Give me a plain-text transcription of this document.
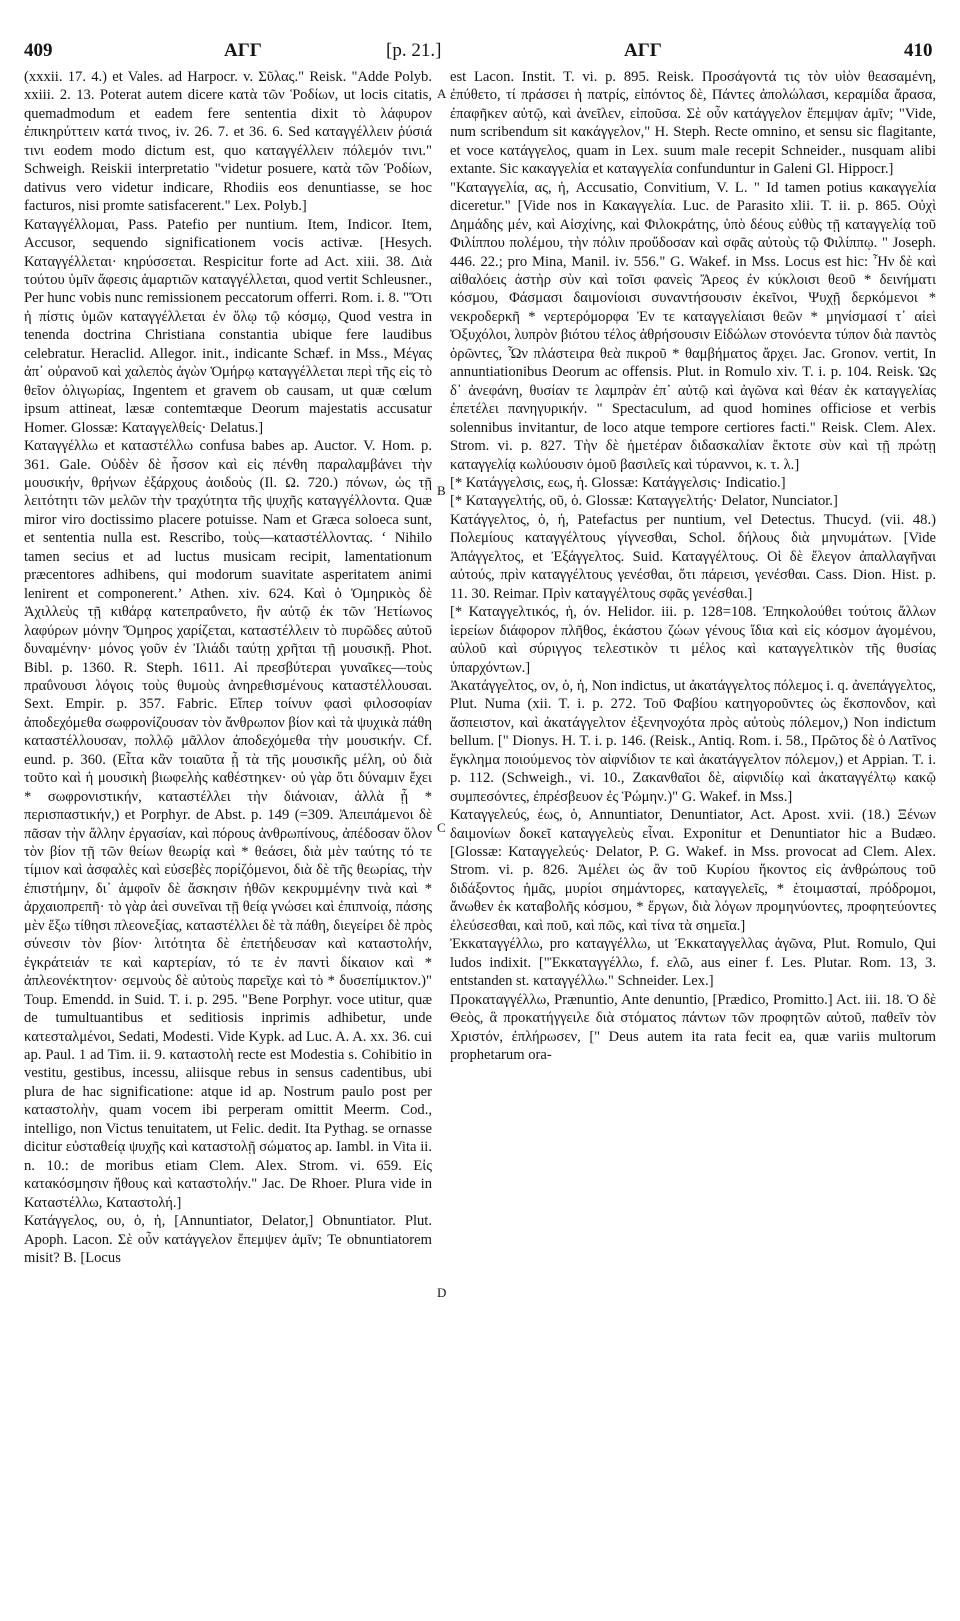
409	ΑΓΓ	[p. 21.]	ΑΓΓ	410
A
B
C
D

(xxxii. 17. 4.) et Vales. ad Harpocr. v. Σῦλας." Reisk. "Adde Polyb. xxiii. 2. 13. Poterat autem dicere κατὰ τῶν Ῥοδίων, ut locis citatis, quemadmodum et eadem fere sententia dixit τὸ λάφυρον ἐπικηρύττειν κατά τινος, iv. 26. 7. et 36. 6. Sed καταγγέλλειν ῥύσιά τινι eodem modo dictum est, quo καταγγέλλειν πόλεμόν τινι." Schweigh. Reiskii interpretatio "videtur posuere, κατὰ τῶν Ῥοδίων, dativus vero videtur indicare, Rhodiis eos denuntiasse, se hoc facturos, nisi promte satisfacerent." Lex. Polyb.]

Καταγγέλλομαι, Pass. Patefio per nuntium. Item, Indicor. Item, Accusor, sequendo significationem vocis activæ. [Hesych. Καταγγέλλεται· κηρύσσεται. Respicitur forte ad Act. xiii. 38. Διὰ τούτου ὑμῖν ἄφεσις ἁμαρτιῶν καταγγέλλεται, quod vertit Schleusner., Per hunc vobis nunc remissionem peccatorum offerri. Rom. i. 8. "Ὅτι ἡ πίστις ὑμῶν καταγγέλλεται ἐν ὅλῳ τῷ κόσμῳ, Quod vestra in tenenda doctrina Christiana constantia ubique fere laudibus celebratur. Heraclid. Allegor. init., indicante Schæf. in Mss., Μέγας ἀπ᾽ οὐρανοῦ καὶ χαλεπὸς ἀγὼν Ὁμήρῳ καταγγέλλεται περὶ τῆς εἰς τὸ θεῖον ὀλιγωρίας, Ingentem et gravem ob causam, ut quæ cœlum ipsum attineat, læsæ contemtæque Deorum majestatis accusatur Homer. Glossæ: Καταγγελθείς· Delatus.]

Καταγγέλλω et καταστέλλω confusa babes ap. Auctor. V. Hom. p. 361. Gale. Οὐδὲν δὲ ἧσσον καὶ εἰς πένθη παραλαμβάνει τὴν μουσικήν, θρήνων ἐξάρχους ἀοιδοὺς (Il. Ω. 720.) πόνων, ὡς τῇ λειτότητι τῶν μελῶν τὴν τραχύτητα τῆς ψυχῆς καταγγέλλοντα. Quæ miror viro doctissimo placere potuisse. Nam et Græca soloeca sunt, et sententia nulla est. Rescribo, τοὺς—καταστέλλοντας. ‘ Nihilo tamen secius et ad luctus musicam recipit, lamentationum præcentores adhibens, qui modorum suavitate asperitatem animi lenirent et componerent.’ Athen. xiv. 624. Καὶ ὁ Ὁμηρικὸς δὲ Ἀχιλλεὺς τῇ κιθάρᾳ κατεπραΰνετο, ἣν αὐτῷ ἐκ τῶν Ἠετίωνος λαφύρων μόνην Ὅμηρος χαρίζεται, καταστέλλειν τὸ πυρῶδες αὐτοῦ δυναμένην· μόνος γοῦν ἐν Ἰλιάδι ταύτῃ χρῆται τῇ μουσικῇ. Phot. Bibl. p. 1360. R. Steph. 1611. Αἱ πρεσβύτεραι γυναῖκες—τοὺς πραΰνουσι λόγοις τοὺς θυμοὺς ἀνηρεθισμένους καταστέλλουσαι. Sext. Empir. p. 357. Fabric. Εἴπερ τοίνυν φασὶ φιλοσοφίαν ἀποδεχόμεθα σωφρονίζουσαν τὸν ἄνθρωπον βίον καὶ τὰ ψυχικὰ πάθη καταστέλλουσαν, πολλῷ μᾶλλον ἀποδεχόμεθα τὴν μουσικήν. Cf. eund. p. 360. (Εἶτα κἂν τοιαῦτα ᾖ τὰ τῆς μουσικῆς μέλη, οὐ διὰ τοῦτο καὶ ἡ μουσικὴ βιωφελὴς καθέστηκεν· οὐ γὰρ ὅτι δύναμιν ἔχει * σωφρονιστικήν, καταστέλλει τὴν διάνοιαν, ἀλλὰ ᾖ * περισπαστικήν,) et Porphyr. de Abst. p. 149 (=309. Ἀπειπάμενοι δὲ πᾶσαν τὴν ἄλλην ἐργασίαν, καὶ πόρους ἀνθρωπίνους, ἀπέδοσαν ὅλον τὸν βίον τῇ τῶν θείων θεωρίᾳ καὶ * θεάσει, διὰ μὲν ταύτης τό τε τίμιον καὶ ἀσφαλὲς καὶ εὐσεβὲς πορίζόμενοι, διὰ δὲ τῆς θεωρίας, τὴν ἐπιστήμην, δι᾽ ἀμφοῖν δὲ ἄσκησιν ἠθῶν κεκρυμμένην τινὰ καὶ * ἀρχαιοπρεπῆ· τὸ γὰρ ἀεὶ συνεῖναι τῇ θείᾳ γνώσει καὶ ἐπιπνοίᾳ, πάσης μὲν ἔξω τίθησι πλεονεξίας, καταστέλλει δὲ τὰ πάθη, διεγείρει δὲ πρὸς σύνεσιν τὸν βίον· λιτότητα δὲ ἐπετήδευσαν καὶ καταστολήν, ἐγκράτειάν τε καὶ καρτερίαν, τό τε ἐν παντὶ δίκαιον καὶ * ἀπλεονέκτητον· σεμνοὺς δὲ αὐτοὺς παρεῖχε καὶ τὸ * δυσεπίμικτον.)" Toup. Emendd. in Suid. T. i. p. 295. "Bene Porphyr. voce utitur, quæ de tumultuantibus et seditiosis inprimis adhibetur, unde κατεσταλμένοι, Sedati, Modesti. Vide Kypk. ad Luc. A. A. xx. 36. cui ap. Paul. 1 ad Tim. ii. 9. καταστολὴ recte est Modestia s. Cohibitio in vestitu, gestibus, incessu, aliisque rebus in sensus cadentibus, ubi plura de hac significatione: atque id ap. Nostrum paulo post per καταστολὴν, quam vocem ibi perperam omittit Meerm. Cod., intelligo, non Victus tenuitatem, ut Felic. dedit. Ita Pythag. se ornasse dicitur εὐσταθείᾳ ψυχῆς καὶ καταστολῇ σώματος ap. Iambl. in Vita ii. n. 10.: de moribus etiam Clem. Alex. Strom. vi. 659. Εἰς κατακόσμησιν ἤθους καὶ καταστολήν." Jac. De Rhoer. Plura vide in Καταστέλλω, Καταστολή.]

Κατάγγελος, ου, ὁ, ἡ, [Annuntiator, Delator,] Obnuntiator. Plut. Apoph. Lacon. Σὲ οὖν κατάγγελον ἔπεμψεν ἁμῖν; Te obnuntiatorem misit? B. [Locus

est Lacon. Instit. T. vi. p. 895. Reisk. Προσάγοντά τις τὸν υἱὸν θεασαμένη, ἐπύθετο, τί πράσσει ἡ πατρίς, εἰπόντος δὲ, Πάντες ἀπολώλασι, κεραμίδα ἄρασα, ἐπαφῆκεν αὐτῷ, καὶ ἀνεῖλεν, εἰποῦσα. Σὲ οὖν κατάγγελον ἔπεμψαν ἁμῖν; "Vide, num scribendum sit κακάγγελον," H. Steph. Recte omnino, et sensu sic flagitante, et voce κατάγγελος, quam in Lex. suum male recepit Schneider., nusquam alibi extante. Sic κακαγγελία et καταγγελία confunduntur in Galeni Gl. Hippocr.]

"Καταγγελία, ας, ἡ, Accusatio, Convitium, V. L. " Id tamen potius κακαγγελία diceretur." [Vide nos in Κακαγγελία. Luc. de Parasito xlii. T. ii. p. 865. Οὐχὶ Δημάδης μέν, καὶ Αἰσχίνης, καὶ Φιλοκράτης, ὑπὸ δέους εὐθὺς τῇ καταγγελίᾳ τοῦ Φιλίππου πολέμου, τὴν πόλιν προὔδοσαν καὶ σφᾶς αὐτοὺς τῷ Φιλίππῳ. " Joseph. 446. 22.; pro Mina, Manil. iv. 556." G. Wakef. in Mss. Locus est hic: Ἦν δὲ καὶ αἰθαλόεις ἀστὴρ σὺν καὶ τοῖσι φανεὶς Ἄρεος ἐν κύκλοισι θεοῦ * δεινήματι κόσμου, Φάσμασι δαιμονίοισι συναντήσουσιν ἐκεῖνοι, Ψυχῇ δερκόμενοι * νεκροδερκῆ * νερτερόμορφα Ἐν τε καταγγελίαισι θεῶν * μηνίσμασί τ᾽ αἰεὶ Ὀξυχόλοι, λυπρὸν βιότου τέλος ἀθρήσουσιν Εἰδώλων στονόεντα τύπον διὰ παντὸς ὁρῶντες, Ὧν πλάστειρα θεὰ πικροῦ * θαμβήματος ἄρχει. Jac. Gronov. vertit, In annuntiationibus Deorum ac offensis. Plut. in Romulo xiv. T. i. p. 104. Reisk. Ὡς δ᾽ ἀνεφάνη, θυσίαν τε λαμπρὰν ἐπ᾽ αὐτῷ καὶ ἀγῶνα καὶ θέαν ἐκ καταγγελίας ἐπετέλει πανηγυρικήν. " Spectaculum, ad quod homines officiose et verbis solennibus invitantur, de loco atque tempore certiores facti." Reisk. Clem. Alex. Strom. vi. p. 827. Τὴν δὲ ἡμετέραν διδασκαλίαν ἔκτοτε σὺν καὶ τῇ πρώτῃ καταγγελίᾳ κωλύουσιν ὁμοῦ βασιλεῖς καὶ τύραννοι, κ. τ. λ.]

[* Κατάγγελσις, εως, ἡ. Glossæ: Κατάγγελσις· Indicatio.]

[* Καταγγελτής, οῦ, ὁ. Glossæ: Καταγγελτής· Delator, Nunciator.]

Κατάγγελτος, ὁ, ἡ, Patefactus per nuntium, vel Detectus. Thucyd. (vii. 48.) Πολεμίους καταγγέλτους γίγνεσθαι, Schol. δήλους διὰ μηνυμάτων. [Vide Ἀπάγγελτος, et Ἐξάγγελτος. Suid. Καταγγέλτους. Οἱ δὲ ἔλεγον ἀπαλλαγῆναι αὐτούς, πρὶν καταγγέλτους γενέσθαι, ὅτι πάρεισι, γενέσθαι. Cass. Dion. Hist. p. 11. 30. Reimar. Πρὶν καταγγέλτους σφᾶς γενέσθαι.]

[* Καταγγελτικός, ἡ, όν. Helidor. iii. p. 128=108. Ἐπηκολούθει τούτοις ἄλλων ἱερείων διάφορον πλῆθος, ἑκάστου ζώων γένους ἴδια καὶ εἰς κόσμον ἀγομένου, αὐλοῦ καὶ σύριγγος τελεστικὸν τι μέλος καὶ καταγγελτικὸν τῆς θυσίας ὑπαρχόντων.]

Ἀκατάγγελτος, ον, ὁ, ἡ, Non indictus, ut ἀκατάγγελτος πόλεμος i. q. ἀνεπάγγελτος, Plut. Numa (xii. T. i. p. 272. Τοῦ Φαβίου κατηγοροῦντες ὡς ἔκσπονδον, καὶ ἄσπειστον, καὶ ἀκατάγγελτον ἐξενηνοχότα πρὸς αὐτοὺς πόλεμον,) Non indictum bellum. [" Dionys. H. T. i. p. 146. (Reisk., Antiq. Rom. i. 58., Πρῶτος δὲ ὁ Λατῖνος ἔγκλημα ποιούμενος τὸν αἰφνίδιον τε καὶ ἀκατάγγελτον πόλεμον,) et Appian. T. i. p. 112. (Schweigh., vi. 10., Ζακανθαῖοι δὲ, αἰφνιδίῳ καὶ ἀκαταγγέλτῳ κακῷ συμπεσόντες, ἐπρέσβευον ἐς Ῥώμην.)" G. Wakef. in Mss.]

Καταγγελεύς, έως, ὁ, Annuntiator, Denuntiator, Act. Apost. xvii. (18.) Ξένων δαιμονίων δοκεῖ καταγγελεὺς εἶναι. Exponitur et Denuntiator hic a Budæo. [Glossæ: Καταγγελεύς· Delator, P. G. Wakef. in Mss. provocat ad Clem. Alex. Strom. vi. p. 826. Ἀμέλει ὡς ἂν τοῦ Κυρίου ἥκοντος εἰς ἀνθρώπους τοῦ διδάξοντος ἡμᾶς, μυρίοι σημάντορες, καταγγελεῖς, * ἑτοιμασταί, πρόδρομοι, ἄνωθεν ἐκ καταβολῆς κόσμου, * ἔργων, διὰ λόγων προμηνύοντες, προφητεύοντες ἐλεύσεσθαι, καὶ ποῦ, καὶ πῶς, καὶ τίνα τὰ σημεῖα.]

Ἐκκαταγγέλλω, pro καταγγέλλω, ut Ἐκκαταγγελλας ἀγῶνα, Plut. Romulo, Qui ludos indixit. ["Ἐκκαταγγέλλω, f. ελῶ, aus einer f. Les. Plutar. Rom. 13, 3. entstanden st. καταγγέλλω." Schneider. Lex.]

Προκαταγγέλλω, Prænuntio, Ante denuntio, [Prædico, Promitto.] Act. iii. 18. Ὁ δὲ Θεὸς, ἃ προκατήγγειλε διὰ στόματος πάντων τῶν προφητῶν αὐτοῦ, παθεῖν τὸν Χριστόν, ἐπλήρωσεν, [" Deus autem ita rata fecit ea, quæ variis multorum prophetarum ora-
